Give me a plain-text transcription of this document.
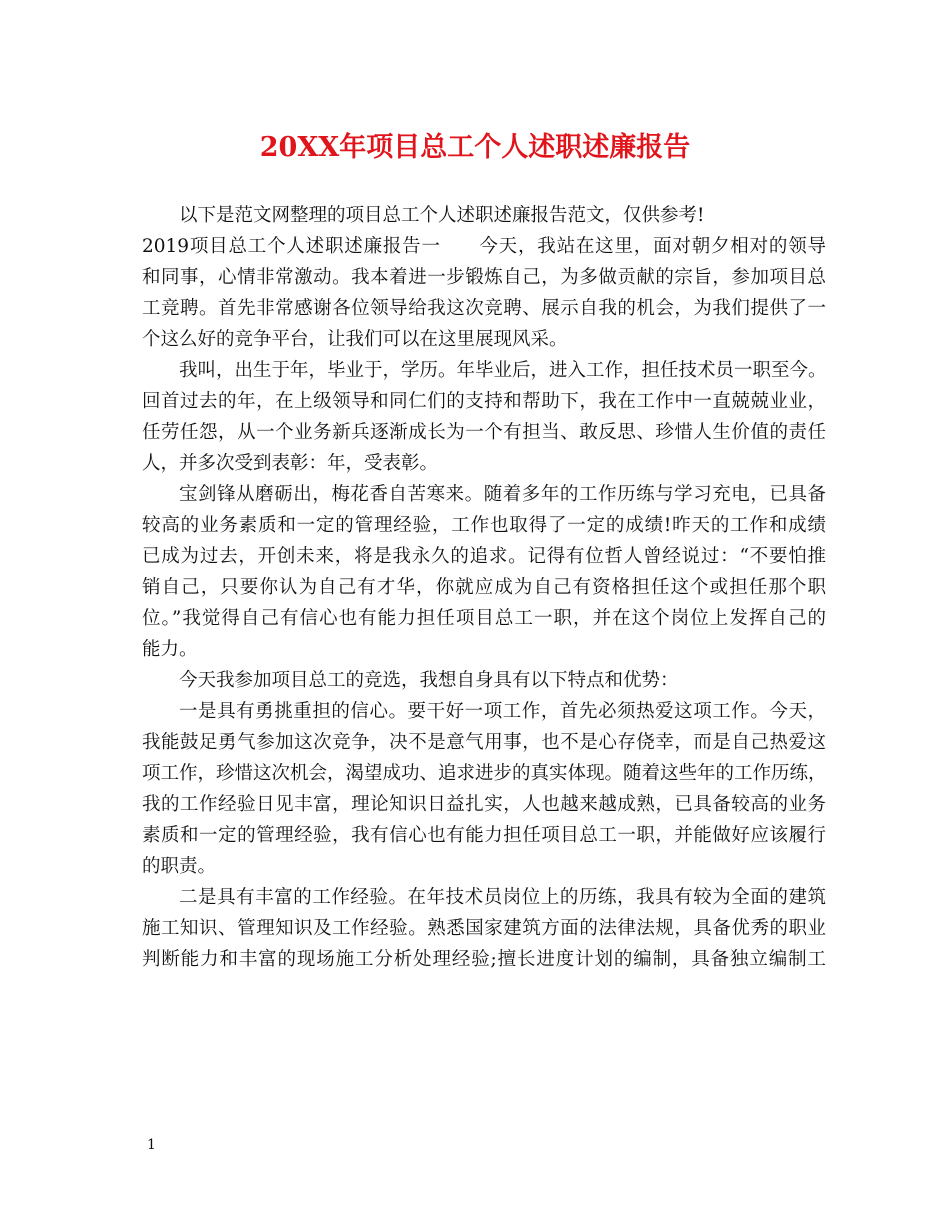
20XX年项目总工个人述职述廉报告

以下是范文网整理的项目总工个人述职述廉报告范文，仅供参考!

2019项目总工个人述职述廉报告一　　今天，我站在这里，面对朝夕相对的领导

和同事，心情非常激动。我本着进一步锻炼自己，为多做贡献的宗旨，参加项目总

工竞聘。首先非常感谢各位领导给我这次竞聘、展示自我的机会，为我们提供了一

个这么好的竞争平台，让我们可以在这里展现风采。

我叫，出生于年，毕业于，学历。年毕业后，进入工作，担任技术员一职至今。

回首过去的年，在上级领导和同仁们的支持和帮助下，我在工作中一直兢兢业业，

任劳任怨，从一个业务新兵逐渐成长为一个有担当、敢反思、珍惜人生价值的责任

人，并多次受到表彰：年，受表彰。

宝剑锋从磨砺出，梅花香自苦寒来。随着多年的工作历练与学习充电，已具备

较高的业务素质和一定的管理经验，工作也取得了一定的成绩!昨天的工作和成绩

已成为过去，开创未来，将是我永久的追求。记得有位哲人曾经说过：“不要怕推

销自己，只要你认为自己有才华，你就应成为自己有资格担任这个或担任那个职

位。”我觉得自己有信心也有能力担任项目总工一职，并在这个岗位上发挥自己的

能力。

今天我参加项目总工的竞选，我想自身具有以下特点和优势：

一是具有勇挑重担的信心。要干好一项工作，首先必须热爱这项工作。今天，

我能鼓足勇气参加这次竞争，决不是意气用事，也不是心存侥幸，而是自己热爱这

项工作，珍惜这次机会，渴望成功、追求进步的真实体现。随着这些年的工作历练，

我的工作经验日见丰富，理论知识日益扎实，人也越来越成熟，已具备较高的业务

素质和一定的管理经验，我有信心也有能力担任项目总工一职，并能做好应该履行

的职责。

二是具有丰富的工作经验。在年技术员岗位上的历练，我具有较为全面的建筑

施工知识、管理知识及工作经验。熟悉国家建筑方面的法律法规，具备优秀的职业

判断能力和丰富的现场施工分析处理经验;擅长进度计划的编制，具备独立编制工

1
